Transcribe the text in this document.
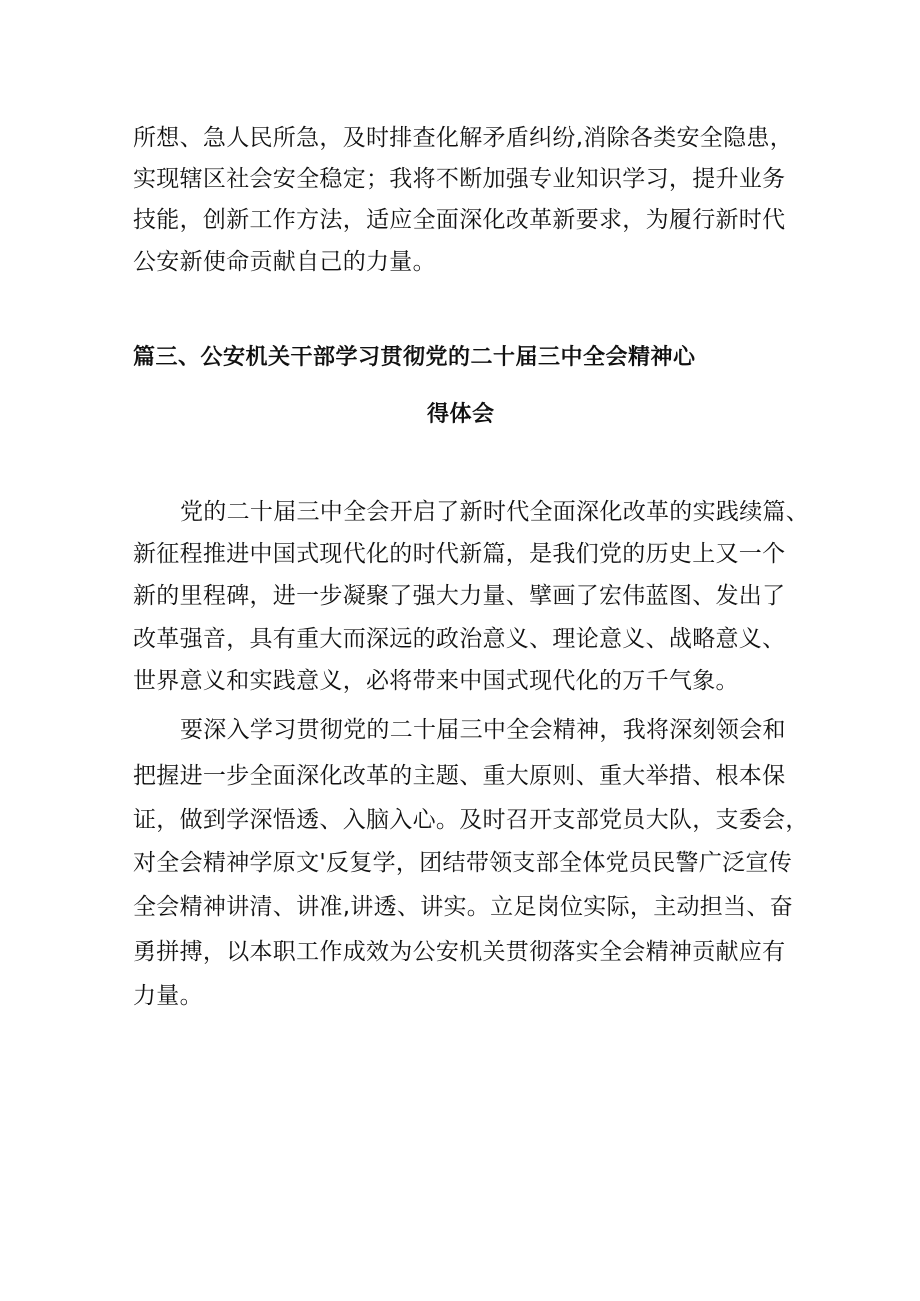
所想、急人民所急，及时排查化解矛盾纠纷,消除各类安全隐患，
实现辖区社会安全稳定；我将不断加强专业知识学习，提升业务
技能，创新工作方法，适应全面深化改革新要求，为履行新时代
公安新使命贡献自己的力量。
篇三、公安机关干部学习贯彻党的二十届三中全会精神心
得体会
党的二十届三中全会开启了新时代全面深化改革的实践续篇、
新征程推进中国式现代化的时代新篇，是我们党的历史上又一个
新的里程碑，进一步凝聚了强大力量、擘画了宏伟蓝图、发出了
改革强音，具有重大而深远的政治意义、理论意义、战略意义、
世界意义和实践意义，必将带来中国式现代化的万千气象。
要深入学习贯彻党的二十届三中全会精神，我将深刻领会和
把握进一步全面深化改革的主题、重大原则、重大举措、根本保
证，做到学深悟透、入脑入心。及时召开支部党员大队，支委会，
对全会精神学原文'反复学，团结带领支部全体党员民警广泛宣传
全会精神讲清、讲准,讲透、讲实。立足岗位实际，主动担当、奋
勇拼搏，以本职工作成效为公安机关贯彻落实全会精神贡献应有
力量。
